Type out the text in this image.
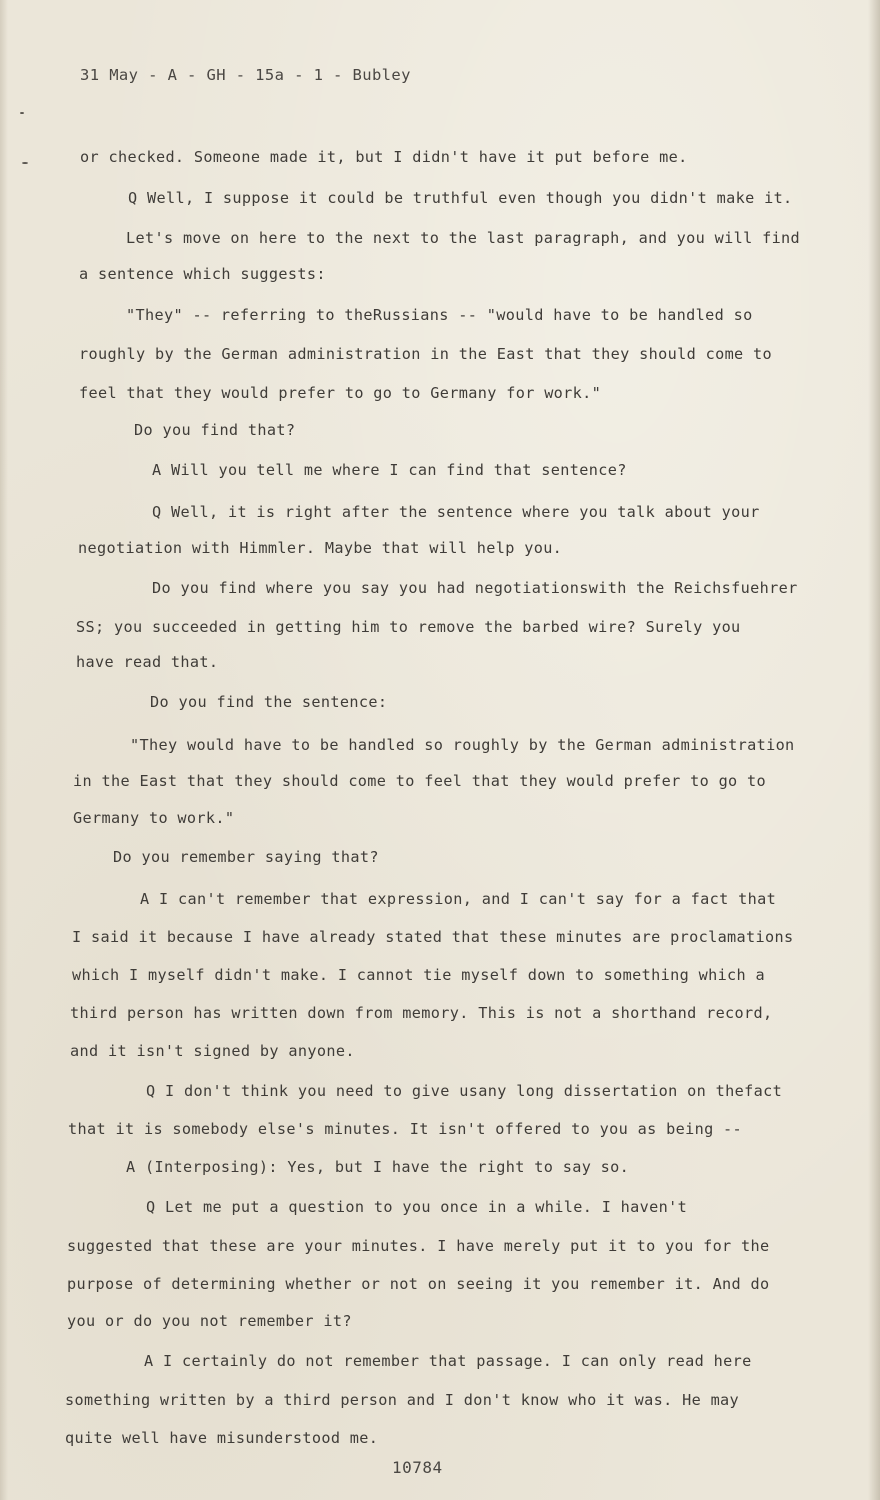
31 May - A - GH - 15a - 1 - Bubley
or checked. Someone made it, but I didn't have it put before me.
Q Well, I suppose it could be truthful even though you didn't make it.
Let's move on here to the next to the last paragraph, and you will find
a sentence which suggests:
"They" -- referring to theRussians -- "would have to be handled so
roughly by the German administration in the East that they should come to
feel that they would prefer to go to Germany for work."
Do you find that?
A Will you tell me where I can find that sentence?
Q Well, it is right after the sentence where you talk about your
negotiation with Himmler. Maybe that will help you.
Do you find where you say you had negotiationswith the Reichsfuehrer
SS; you succeeded in getting him to remove the barbed wire? Surely you
have read that.
Do you find the sentence:
"They would have to be handled so roughly by the German administration
in the East that they should come to feel that they would prefer to go to
Germany to work."
Do you remember saying that?
A I can't remember that expression, and I can't say for a fact that
I said it because I have already stated that these minutes are proclamations
which I myself didn't make. I cannot tie myself down to something which a
third person has written down from memory. This is not a shorthand record,
and it isn't signed by anyone.
Q I don't think you need to give usany long dissertation on thefact
that it is somebody else's minutes. It isn't offered to you as being --
A (Interposing): Yes, but I have the right to say so.
Q Let me put a question to you once in a while. I haven't
suggested that these are your minutes. I have merely put it to you for the
purpose of determining whether or not on seeing it you remember it. And do
you or do you not remember it?
A I certainly do not remember that passage. I can only read here
something written by a third person and I don't know who it was. He may
quite well have misunderstood me.
10784
